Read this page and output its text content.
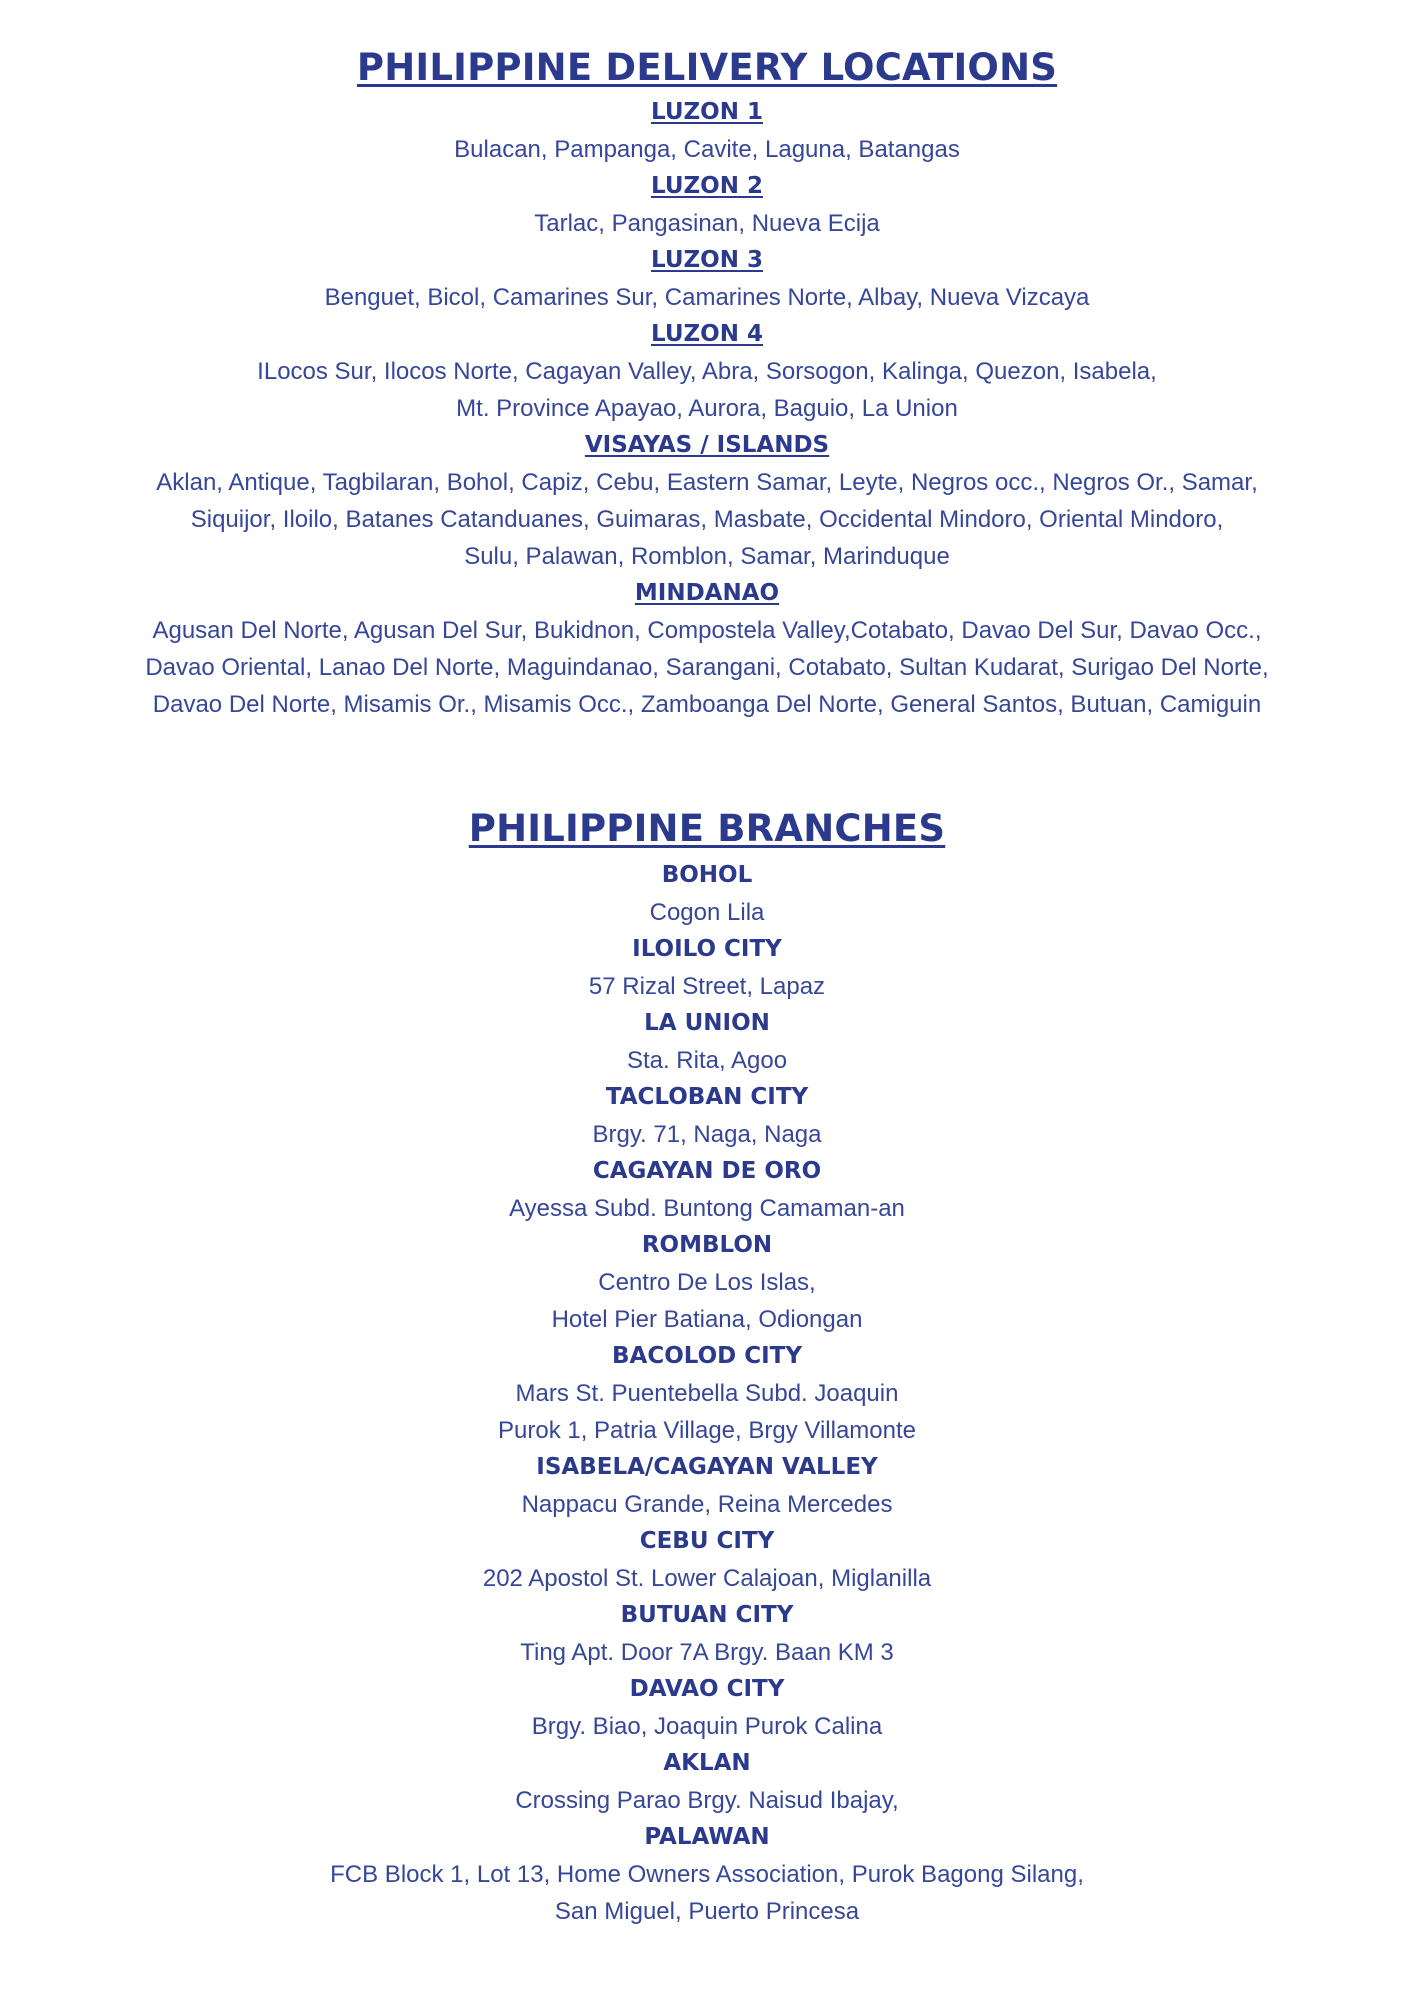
PHILIPPINE DELIVERY LOCATIONS

LUZON 1

Bulacan, Pampanga, Cavite, Laguna, Batangas

LUZON 2

Tarlac, Pangasinan, Nueva Ecija

LUZON 3

Benguet, Bicol, Camarines Sur, Camarines Norte, Albay, Nueva Vizcaya

LUZON 4

ILocos Sur, Ilocos Norte, Cagayan Valley, Abra, Sorsogon, Kalinga, Quezon, Isabela,

Mt. Province Apayao, Aurora, Baguio, La Union

VISAYAS / ISLANDS

Aklan, Antique, Tagbilaran, Bohol, Capiz, Cebu, Eastern Samar, Leyte, Negros occ., Negros Or., Samar,

Siquijor, Iloilo, Batanes Catanduanes, Guimaras, Masbate, Occidental Mindoro, Oriental Mindoro,

Sulu, Palawan, Romblon, Samar, Marinduque

MINDANAO

Agusan Del Norte, Agusan Del Sur, Bukidnon, Compostela Valley,Cotabato, Davao Del Sur, Davao Occ.,

Davao Oriental, Lanao Del Norte, Maguindanao, Sarangani, Cotabato, Sultan Kudarat, Surigao Del Norte,

Davao Del Norte, Misamis Or., Misamis Occ., Zamboanga Del Norte, General Santos, Butuan, Camiguin

PHILIPPINE BRANCHES

BOHOL

Cogon Lila

ILOILO CITY

57 Rizal Street, Lapaz

LA UNION

Sta. Rita, Agoo

TACLOBAN CITY

Brgy. 71, Naga, Naga

CAGAYAN DE ORO

Ayessa Subd. Buntong Camaman-an

ROMBLON

Centro De Los Islas,

Hotel Pier Batiana, Odiongan

BACOLOD CITY

Mars St. Puentebella Subd. Joaquin

Purok 1, Patria Village, Brgy Villamonte

ISABELA/CAGAYAN VALLEY

Nappacu Grande, Reina Mercedes

CEBU CITY

202 Apostol St. Lower Calajoan, Miglanilla

BUTUAN CITY

Ting Apt. Door 7A Brgy. Baan KM 3

DAVAO CITY

Brgy. Biao, Joaquin Purok Calina

AKLAN

Crossing Parao Brgy. Naisud Ibajay,

PALAWAN

FCB Block 1, Lot 13, Home Owners Association, Purok Bagong Silang,

San Miguel, Puerto Princesa
